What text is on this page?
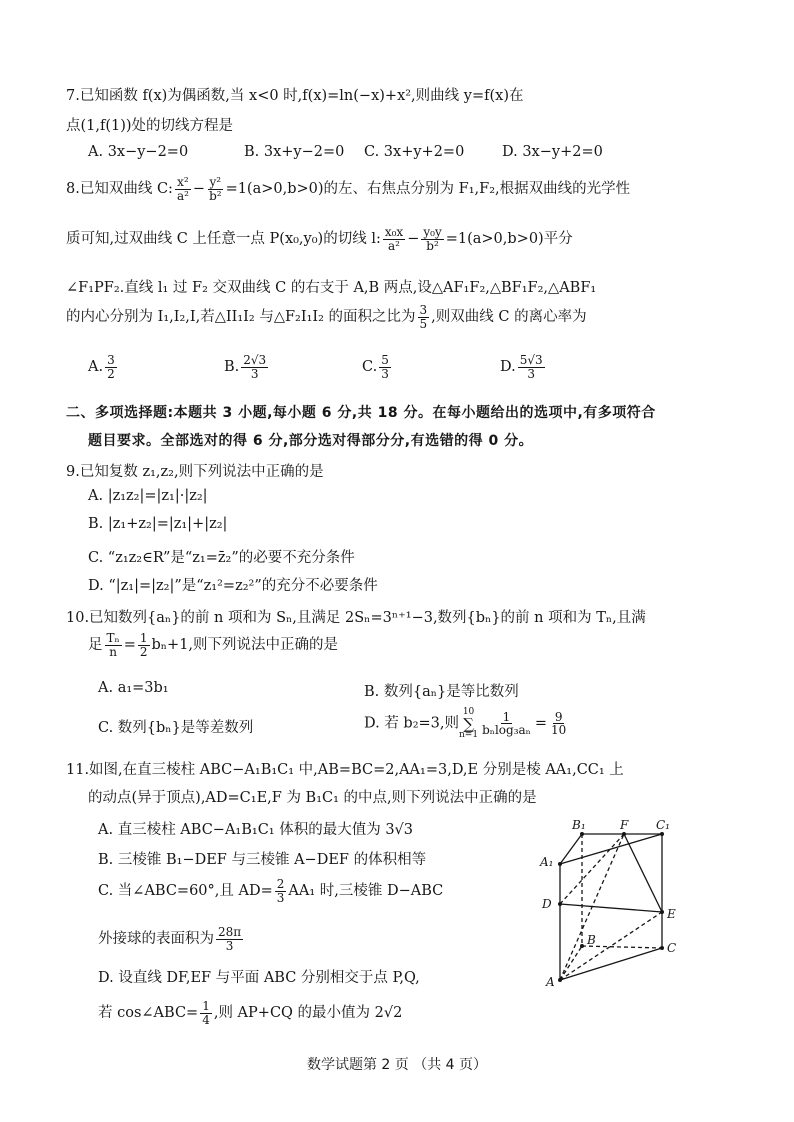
7.已知函数 f(x)为偶函数,当 x<0 时,f(x)=ln(−x)+x²,则曲线 y=f(x)在
点(1,f(1))处的切线方程是
A. 3x−y−2=0	B. 3x+y−2=0 C. 3x+y+2=0	D. 3x−y+2=0
8.已知双曲线 C: $\frac{\text{x²}}{\text{a²}} - \frac{\text{y²}}{\text{b²}} =1(a>0,b>0)$的左、右焦点分别为 F₁,F₂,根据双曲线的光学性
质可知,过双曲线 C 上任意一点 P(x₀,y₀)的切线 l: $\frac{\text{x₀x}}{\text{a²}} - \frac{\text{y₀y}}{\text{b²}} =1(a>0,b>0)$平分
∠F₁PF₂.直线 l₁ 过 F₂ 交双曲线 C 的右支于 A,B 两点,设△AF₁F₂,△BF₁F₂,△ABF₁
的内心分别为 I₁,I₂,I,若△II₁I₂ 与△F₂I₁I₂ 的面积之比为 $\frac{3}{5}$ ,则双曲线 C 的离心率为
A. $\frac{3}{2}$	B. $\frac{2√3}{3}$	C. $\frac{5}{3}$	D. $\frac{5√3}{3}$
二、多项选择题:本题共 3 小题,每小题 6 分,共 18 分。在每小题给出的选项中,有多项符合
题目要求。全部选对的得 6 分,部分选对得部分分,有选错的得 0 分。
9.已知复数 z₁,z₂,则下列说法中正确的是
A. |z₁z₂|=|z₁|·|z₂|
B. |z₁+z₂|=|z₁|+|z₂|
C. “z₁z₂∈R”是“z₁=z̄₂”的必要不充分条件
D. “|z₁|=|z₂|”是“z₁²=z₂²”的充分不必要条件
10.已知数列{aₙ}的前 n 项和为 Sₙ,且满足 2Sₙ=3ⁿ⁺¹−3,数列{bₙ}的前 n 项和为 Tₙ,且满
足 $\frac{\text{Tₙ}}{n} = \frac{1}{2} b_n+1$,则下列说法中正确的是
A. a₁=3b₁	B. 数列{aₙ}是等比数列
C. 数列{bₙ}是等差数列	D. 若 b₂=3,则
10
∑
$n=1 \frac{1}{\text{bₙlog₃aₙ}} = \frac{9}{10}$
11.如图,在直三棱柱 ABC−A₁B₁C₁ 中,AB=BC=2,AA₁=3,D,E 分别是棱 AA₁,CC₁ 上
的动点(异于顶点),AD=C₁E,F 为 B₁C₁ 的中点,则下列说法中正确的是
A. 直三棱柱 ABC−A₁B₁C₁ 体积的最大值为 3√3
B. 三棱锥 B₁−DEF 与三棱锥 A−DEF 的体积相等
C. 当∠ABC=60°,且 $AD= \frac{2}{3} AA_1$ 时,三棱锥 D−ABC
外接球的表面积为 $\frac{28\pi}{3}$
D. 设直线 DF,EF 与平面 ABC 分别相交于点 P,Q,
若 cos∠ABC= $\frac{1}{4}$ ,则 AP+CQ 的最小值为 2√2
B₁	F C₁
A₁
D
E
B
C
A
数学试题第 2 页 （共 4 页）
